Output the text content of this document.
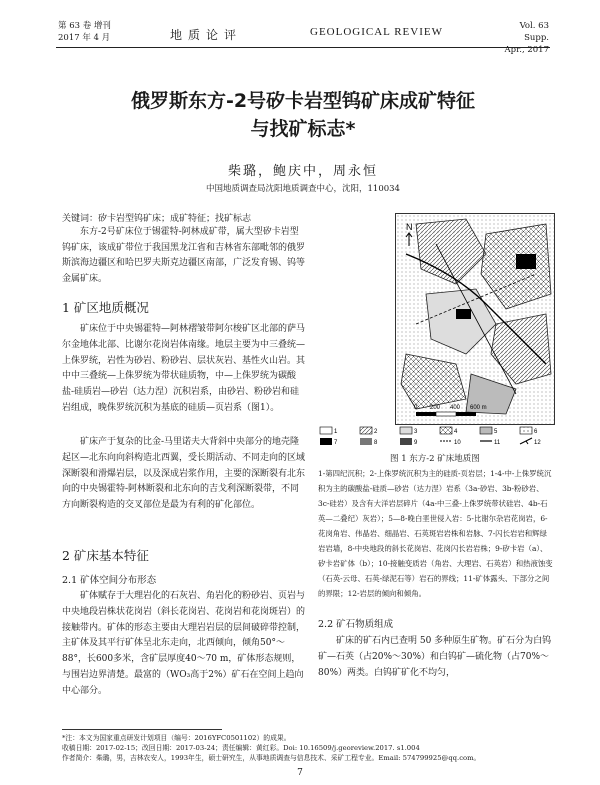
第 63 卷 增刊
2017 年 4 月	地质论评	GEOLOGICAL REVIEW	Vol. 63 Supp.
Apr., 2017
俄罗斯东方-2号矽卡岩型钨矿床成矿特征
与找矿标志*
柴璐，鲍庆中，周永恒
中国地质调查局沈阳地质调查中心，沈阳，110034
关键词：矽卡岩型钨矿床；成矿特征；找矿标志
东方-2号矿床位于锡霍特-阿林成矿带，属大型矽卡岩型钨矿床，该成矿带位于我国黑龙江省和吉林省东部毗邻的俄罗斯滨海边疆区和哈巴罗夫斯克边疆区南部，广泛发育锡、钨等金属矿床。
1 矿区地质概况
矿床位于中央锡霍特—阿林褶皱带阿尔梭矿区北部的萨马尔金地体北部、比谢尔花岗岩体南缘。地层主要为中三叠统—上侏罗统，岩性为砂岩、粉砂岩、层状灰岩、基性火山岩。其中中三叠统—上侏罗统为带状硅质物，中—上侏罗统为碳酸盐-硅质岩—砂岩（达力涅）沉积岩系，由砂岩、粉砂岩和硅岩组成，晚侏罗统沉积为基底的硅质—页岩系（图1）。
矿床产于复杂的比金-马里诺夫大背斜中央部分的地壳隆起区—北东向向斜构造北西翼，受长期活动、不同走向的区域深断裂和滑爆岩层，以及深成岩浆作用，主要的深断裂有北东向的中央锡霍特-阿林断裂和北东向的吉戈利深断裂带，不同方向断裂构造的交叉部位是最为有利的矿化部位。
2 矿床基本特征
2.1 矿体空间分布形态
矿体赋存于大理岩化的石灰岩、角岩化的粉砂岩、页岩与中央地段岩株状花岗岩（斜长花岗岩、花岗岩和花岗斑岩）的接触带内。矿体的形态主要由大理岩岩层的层间破碎带控制，主矿体及其平行矿体呈北东走向，北西倾向，倾角50°～88°，长600多米，含矿层厚度40～70 m，矿体形态规则，与围岩边界清楚。最富的（WO₃高于2%）矿石在空间上趋向中心部分。
N
0 200 400 600 m
1	2	3	4	5	6
7	8	9	10	11	12
图 1 东方-2 矿床地质图
1-第四纪沉积；2-上侏罗统沉积为主的硅质-页岩层；1-4-中-上侏罗统沉积为主的碳酸盐-硅质—砂岩（达力涅）岩系（3a-砂岩、3b-粉砂岩、3c-硅岩）及含有大洋岩层碎片（4a-中三叠-上侏罗统带状硅岩、4b-石英—二叠纪）灰岩）；5—8-晚白垩世侵入岩：5-比谢尔杂岩花岗岩，6-花岗角岩、伟晶岩、细晶岩、石英斑岩岩株和岩脉、7-闪长岩岩和辉绿岩岩墙，8-中央地段的斜长花岗岩、花岗闪长岩岩株；9-矽卡岩（a）、矽卡岩矿体（b）；10-接触变质岩（角岩、大理岩、石英岩）和热液蚀变（石英-云母、石英-绿泥石等）岩石的界线；11-矿体露头、下部分之间的界限；12-岩层的倾向和倾角。
2.2 矿石物质组成
矿床的矿石内已查明 50 多种原生矿物。矿石分为白钨矿—石英（占20%～30%）和白钨矿—硫化物（占70%～80%）两类。白钨矿矿化不均匀，
*注：本文为国家重点研发计划项目（编号：2016YFC0501102）的成果。
收稿日期：2017-02-15；改回日期：2017-03-24；责任编辑：黄红彩。Doi: 10.16509/j.georeview.2017. s1.004
作者简介：柴璐，男，吉林农安人，1993年生，硕士研究生，从事地质调查与信息技术、采矿工程专业。Email: 574799925@qq.com。
7
